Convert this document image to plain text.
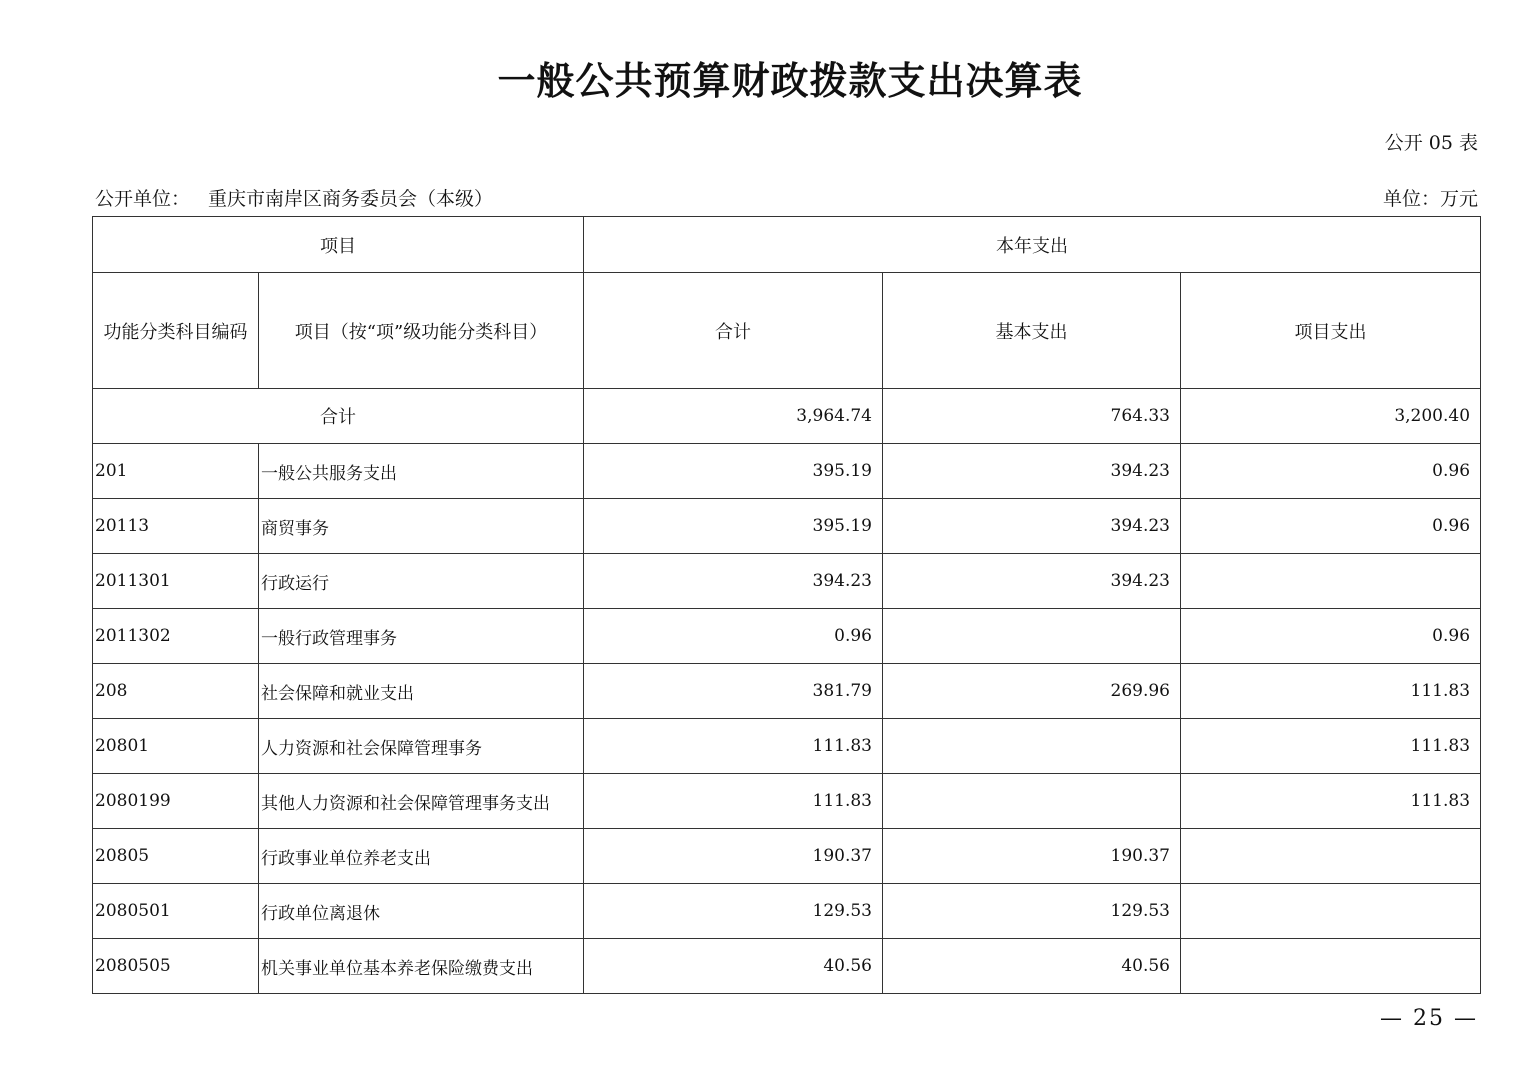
一般公共预算财政拨款支出决算表
公开 05 表
公开单位： 重庆市南岸区商务委员会（本级）	单位：万元
项目		本年支出		
功能分类科目编码	项目（按“项”级功能分类科目）	合计	基本支出	项目支出
合计		3,964.74	764.33	3,200.40
201	一般公共服务支出	395.19	394.23	0.96
20113	商贸事务	395.19	394.23	0.96
2011301	行政运行	394.23	394.23	
2011302	一般行政管理事务	0.96		0.96
208	社会保障和就业支出	381.79	269.96	111.83
20801	人力资源和社会保障管理事务	111.83		111.83
2080199	其他人力资源和社会保障管理事务支出	111.83		111.83
20805	行政事业单位养老支出	190.37	190.37	
2080501	行政单位离退休	129.53	129.53	
2080505	机关事业单位基本养老保险缴费支出	40.56	40.56	
— 25 —
